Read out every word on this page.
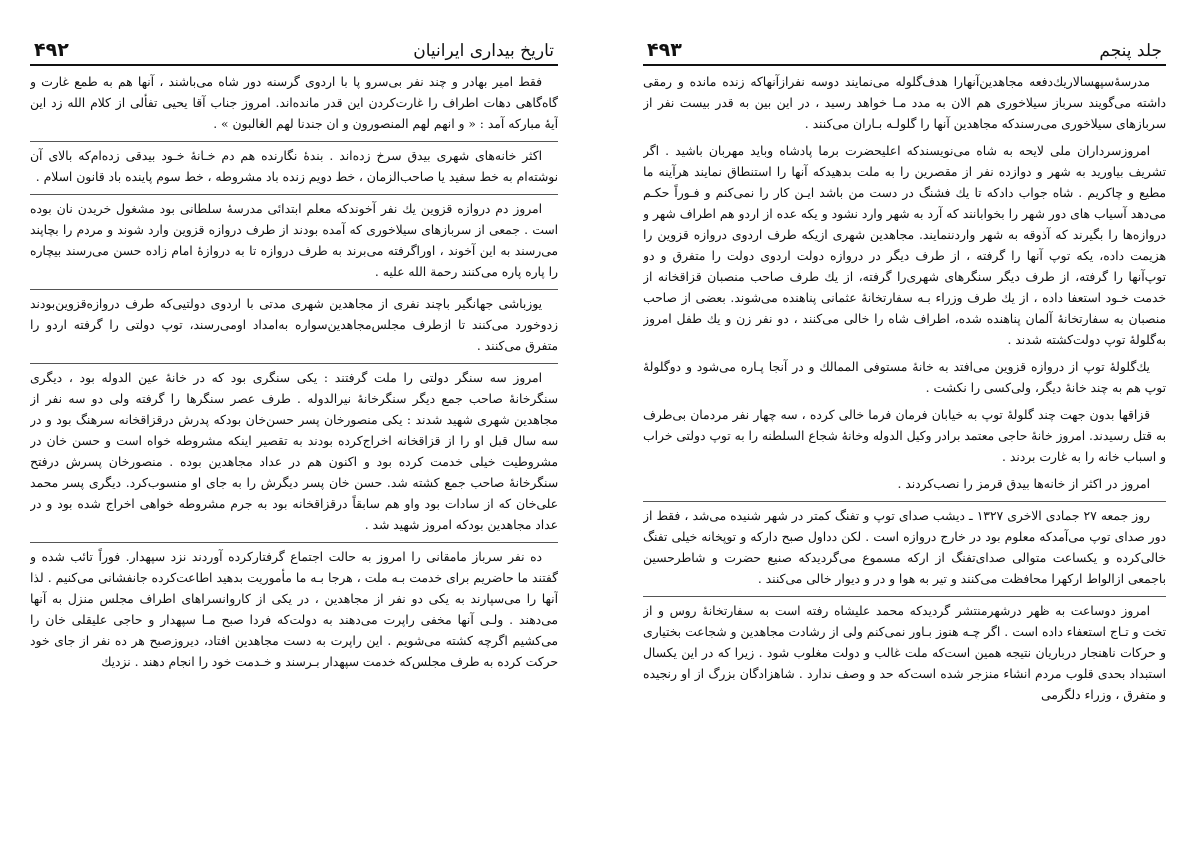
تاریخ بیداری ایرانیان
۴۹۲

فقط امیر بهادر و چند نفر بی‌سرو پا با اردوی گرسنه دور شاه می‌باشند ، آنها هم به طمع غارت و گاه‌گاهی دهات اطراف را غارت‌کردن این قدر مانده‌اند. امروز جناب آقا یحیی تفألی از کلام الله زد این آیهٔ مبارکه آمد : « و انهم لهم المنصورون و ان جندنا لهم الغالبون » .

اکثر خانه‌های شهری بیدق سرخ زده‌اند . بندهٔ نگارنده هم دم خـانهٔ خـود بیدقی زده‌ام‌که بالای آن نوشته‌ام به خط سفید یا صاحب‌الزمان ، خط دویم زنده باد مشروطه ، خط سوم پاینده باد قانون اسلام .

امروز دم دروازه قزوین یك نفر آخوندکه معلم ابتدائی مدرسهٔ سلطانی بود مشغول خریدن نان بوده است . جمعی از سربازهای سیلاخوری که آمده بودند از طرف دروازه قزوین وارد شوند و مردم را بچاپند می‌رسند به این آخوند ، اوراگرفته می‌برند به طرف دروازه تا به دروازهٔ امام زاده حسن می‌رسند بیچاره را پاره پاره می‌کنند رحمة الله علیه .

یوزباشی جهانگیر باچند نفری از مجاهدین شهری مدتی با اردوی دولتیی‌که طرف دروازه‌قزوین‌بودند زدوخورد می‌کنند تا ازطرف مجلس‌مجاهدین‌سواره به‌امداد اومی‌رسند، توپ دولتی را گرفته اردو را متفرق می‌کنند .

امروز سه سنگر دولتی را ملت گرفتند : یکی سنگری بود که در خانهٔ عین الدوله بود ، دیگری سنگرخانهٔ صاحب جمع دیگر سنگرخانهٔ نیرالدوله . طرف عصر سنگرها را گرفته ولی دو سه نفر از مجاهدین شهری شهید شدند : یکی منصورخان پسر حسن‌خان بودکه پدرش درقزاقخانه سرهنگ بود و در سه سال قبل او را از قزاقخانه اخراج‌کرده بودند به تقصیر اینکه مشروطه خواه است و حسن خان در مشروطیت خیلی خدمت کرده بود و اکنون هم در عداد مجاهدین بوده . منصورخان پسرش درفتح سنگرخانهٔ صاحب جمع کشته شد. حسن خان پسر دیگرش را به جای او منسوب‌کرد. دیگری پسر محمد علی‌خان که از سادات بود واو هم سابقاً درقزاقخانه بود به جرم مشروطه خواهی اخراج شده بود و در عداد مجاهدین بودکه امروز شهید شد .

ده نفر سرباز مامقانی را امروز به حالت اجتماع گرفتارکرده آوردند نزد سپهدار. فوراً تائب شده و گفتند ما حاضریم برای خدمت بـه ملت ، هرجا بـه ما مأموریت بدهید اطاعت‌کرده جانفشانی می‌کنیم . لذا آنها را می‌سپارند به یکی دو نفر از مجاهدین ، در یکی از کاروانسراهای اطراف مجلس منزل به آنها می‌دهند . ولـی آنها مخفی راپرت می‌دهند به دولت‌که فردا صبح مـا سپهدار و حاجی علیقلی خان را می‌کشیم اگرچه کشته می‌شویم . این راپرت به دست مجاهدین افتاد، دیروزصبح هر ده نفر از جای خود حرکت کرده به طرف مجلس‌که خدمت سپهدار بـرسند و خـدمت خود را انجام دهند . نزدیك

جلد پنجم
۴۹۳

مدرسهٔ‌سپهسالاریك‌دفعه مجاهدین‌آنهارا هدف‌گلوله می‌نمایند دوسه نفرازآنهاکه زنده مانده و رمقی داشته می‌گویند سرباز سیلاخوری هم الان به مدد مـا خواهد رسید ، در این بین به قدر بیست نفر از سربازهای سیلاخوری می‌رسندکه مجاهدین آنها را گلولـه بـاران می‌کنند .

امروزسرداران ملی لایحه به شاه می‌نویسندکه اعلیحضرت برما پادشاه وباید مهربان باشید . اگر تشریف بیاورید به شهر و دوازده نفر از مقصرین را به ملت بدهیدکه آنها را استنطاق نمایند هرآینه ما مطیع و چاکریم . شاه جواب دادکه تا یك فشنگ در دست من باشد ایـن کار را نمی‌کنم و فـوراً حکـم می‌دهد آسیاب های دور شهر را بخوابانند که آرد به شهر وارد نشود و یکه عده از اردو هم اطراف شهر و دروازه‌ها را بگیرند که آذوقه به شهر واردننمایند. مجاهدین شهری ازیکه طرف اردوی دروازه قزوین را هزیمت داده، یکه توپ آنها را گرفته ، از طرف دیگر در دروازه دولت اردوی دولت را متفرق و دو توپ‌آنها را گرفته، از طرف دیگر سنگرهای شهری‌را گرفته، از یك طرف صاحب منصبان قزاقخانه از خدمت خـود استعفا داده ، از یك طرف وزراء بـه سفارتخانهٔ عثمانی پناهنده می‌شوند. بعضی از صاحب منصبان به سفارتخانهٔ آلمان پناهنده شده، اطراف شاه را خالی می‌کنند ، دو نفر زن و یك طفل امروز به‌گلولهٔ توپ دولت‌کشته شدند .

یك‌گلولهٔ توپ از دروازه قزوین می‌افتد به خانهٔ مستوفی الممالك و در آنجا پـاره می‌شود و دوگلولهٔ توپ هم به چند خانهٔ دیگر، ولی‌کسی را نکشت .

قزاقها بدون جهت چند گلولهٔ توپ به خیابان فرمان فرما خالی کرده ، سه چهار نفر مردمان بی‌طرف به قتل رسیدند. امروز خانهٔ حاجی معتمد برادر وکیل الدوله وخانهٔ شجاع السلطنه را به توپ دولتی خراب و اسباب خانه را به غارت بردند .

امروز در اکثر از خانه‌ها بیدق قرمز را نصب‌کردند .

روز جمعه ۲۷ جمادی الاخری ۱۳۲۷ ـ دیشب صدای توپ و تفنگ کمتر در شهر شنیده می‌شد ، فقط از دور صدای توپ می‌آمدکه معلوم بود در خارج دروازه است . لکن دداول صبح دارکه و توپخانه خیلی تفنگ خالی‌کرده و یکساعت متوالی صدای‌تفنگ از ارکه مسموع می‌گردیدکه صنیع حضرت و شاطرحسین باجمعی ازالواط ارکهرا محافظت می‌کنند و تیر به هوا و در و دیوار خالی می‌کنند .

امروز دوساعت به ظهر درشهرمنتشر گردیدکه محمد علیشاه رفته است به سفارتخانهٔ روس و از تخت و تـاج استعفاء داده است . اگر چـه هنوز بـاور نمی‌کنم ولی از رشادت مجاهدین و شجاعت بختیاری و حرکات ناهنجار درباریان نتیجه همین است‌که ملت غالب و دولت مغلوب شود . زیرا که در این یکسال استبداد بحدی قلوب مردم انشاء منزجر شده است‌که حد و وصف ندارد . شاهزادگان بزرگ از او رنجیده و متفرق ، وزراء دلگرمی
